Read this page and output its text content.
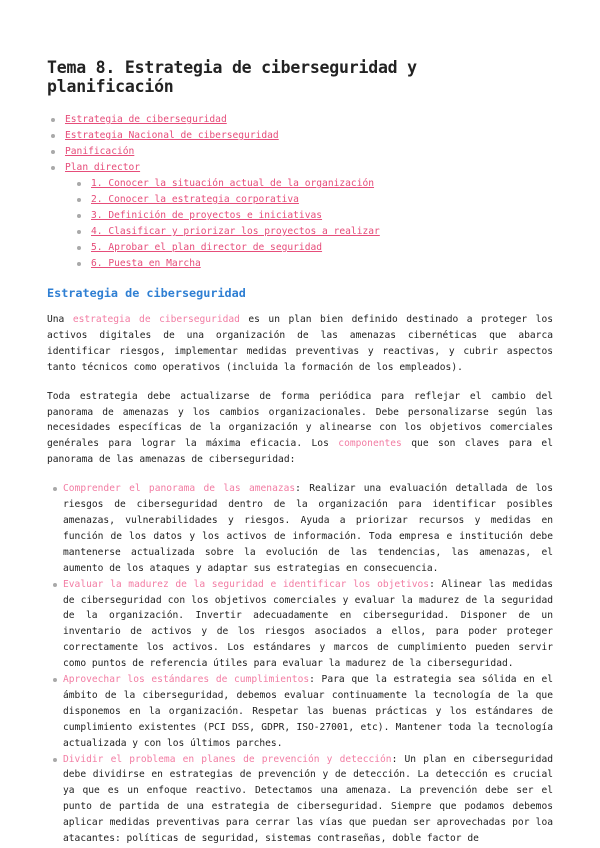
Tema 8. Estrategia de ciberseguridad y planificación
Estrategia de ciberseguridad
Estrategia Nacional de ciberseguridad
Panificación
Plan director
1. Conocer la situación actual de la organización
2. Conocer la estrategia corporativa
3. Definición de proyectos e iniciativas
4. Clasificar y priorizar los proyectos a realizar
5. Aprobar el plan director de seguridad
6. Puesta en Marcha
Estrategia de ciberseguridad

Una estrategia de ciberseguridad es un plan bien definido destinado a proteger los activos digitales de una organización de las amenazas cibernéticas que abarca identificar riesgos, implementar medidas preventivas y reactivas, y cubrir aspectos tanto técnicos como operativos (incluida la formación de los empleados).

Toda estrategia debe actualizarse de forma periódica para reflejar el cambio del panorama de amenazas y los cambios organizacionales. Debe personalizarse según las necesidades específicas de la organización y alinearse con los objetivos comerciales genérales para lograr la máxima eficacia. Los componentes que son claves para el panorama de las amenazas de ciberseguridad:

Comprender el panorama de las amenazas: Realizar una evaluación detallada de los riesgos de ciberseguridad dentro de la organización para identificar posibles amenazas, vulnerabilidades y riesgos. Ayuda a priorizar recursos y medidas en función de los datos y los activos de información. Toda empresa e institución debe mantenerse actualizada sobre la evolución de las tendencias, las amenazas, el aumento de los ataques y adaptar sus estrategias en consecuencia.
Evaluar la madurez de la seguridad e identificar los objetivos: Alinear las medidas de ciberseguridad con los objetivos comerciales y evaluar la madurez de la seguridad de la organización. Invertir adecuadamente en ciberseguridad. Disponer de un inventario de activos y de los riesgos asociados a ellos, para poder proteger correctamente los activos. Los estándares y marcos de cumplimiento pueden servir como puntos de referencia útiles para evaluar la madurez de la ciberseguridad.
Aprovechar los estándares de cumplimientos: Para que la estrategia sea sólida en el ámbito de la ciberseguridad, debemos evaluar continuamente la tecnología de la que disponemos en la organización. Respetar las buenas prácticas y los estándares de cumplimiento existentes (PCI DSS, GDPR, ISO-27001, etc). Mantener toda la tecnología actualizada y con los últimos parches.
Dividir el problema en planes de prevención y detección: Un plan en ciberseguridad debe dividirse en estrategias de prevención y de detección. La detección es crucial ya que es un enfoque reactivo. Detectamos una amenaza. La prevención debe ser el punto de partida de una estrategia de ciberseguridad. Siempre que podamos debemos aplicar medidas preventivas para cerrar las vías que puedan ser aprovechadas por loa atacantes: políticas de seguridad, sistemas contraseñas, doble factor de
